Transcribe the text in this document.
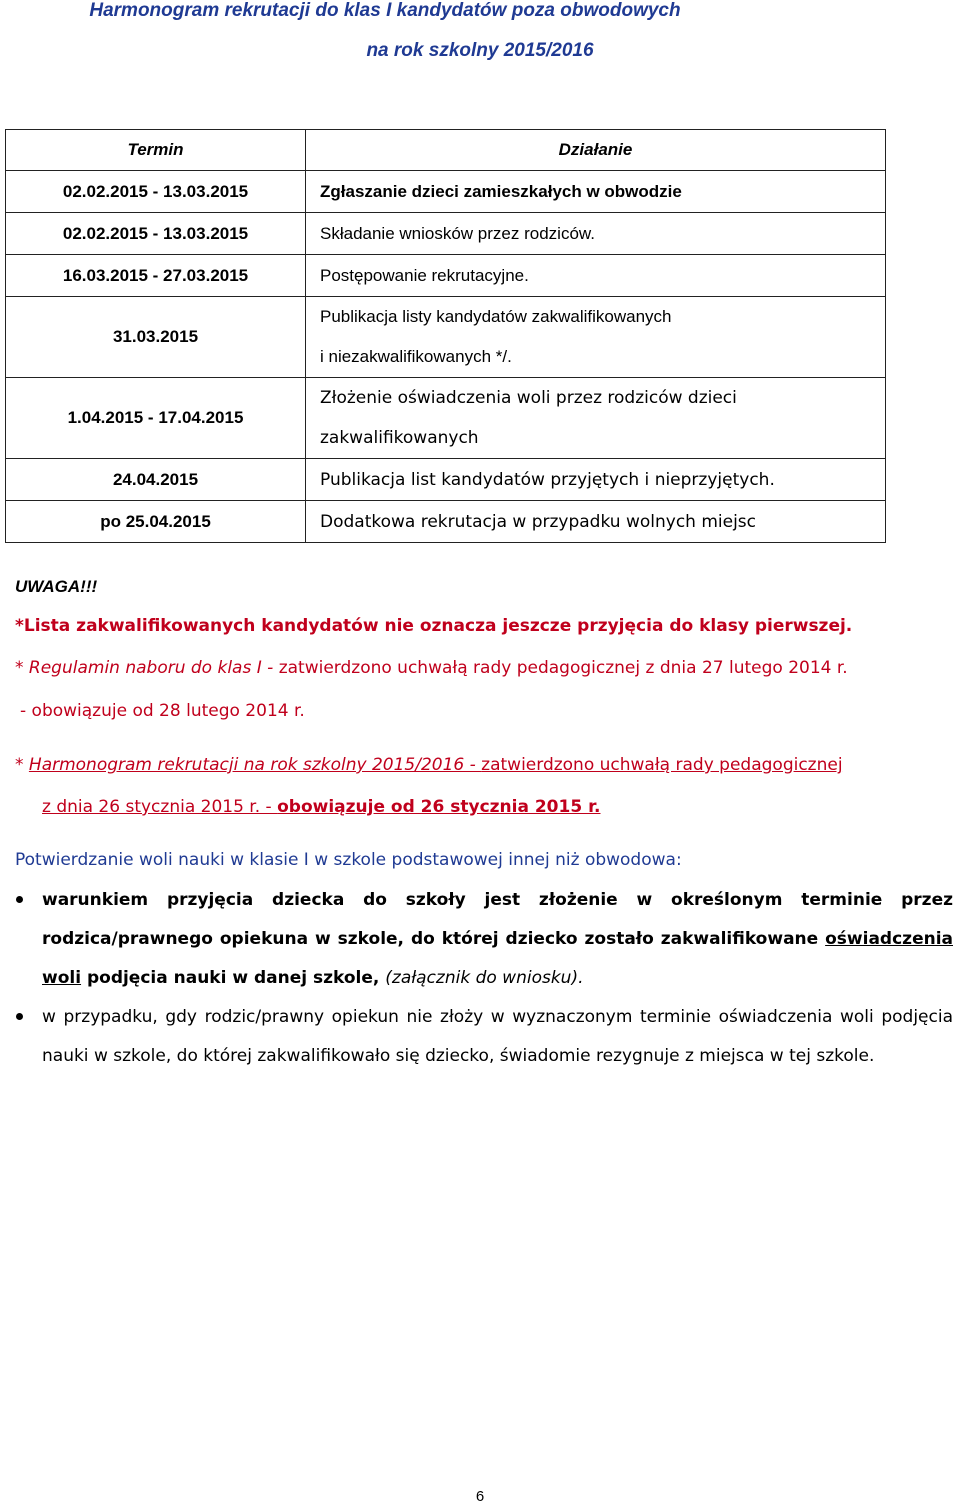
Harmonogram rekrutacji do klas I kandydatów poza obwodowych
na rok szkolny 2015/2016
Termin	Działanie
02.02.2015 - 13.03.2015	Zgłaszanie dzieci zamieszkałych w obwodzie
02.02.2015 - 13.03.2015	Składanie wniosków przez rodziców.
16.03.2015 - 27.03.2015	Postępowanie rekrutacyjne.
31.03.2015	Publikacja listy kandydatów zakwalifikowanych
i niezakwalifikowanych */.

1.04.2015 - 17.04.2015	Złożenie oświadczenia woli przez rodziców dzieci
zakwalifikowanych

24.04.2015	Publikacja list kandydatów przyjętych i nieprzyjętych.
po 25.04.2015	Dodatkowa rekrutacja w przypadku wolnych miejsc
UWAGA!!!
*Lista zakwalifikowanych kandydatów nie oznacza jeszcze przyjęcia do klasy pierwszej.
* Regulamin naboru do klas I - zatwierdzono uchwałą rady pedagogicznej z dnia 27 lutego 2014 r.
- obowiązuje od 28 lutego 2014 r.
* Harmonogram rekrutacji na rok szkolny 2015/2016 - zatwierdzono uchwałą rady pedagogicznej
z dnia 26 stycznia 2015 r. - obowiązuje od 26 stycznia 2015 r.
Potwierdzanie woli nauki w klasie I w szkole podstawowej innej niż obwodowa:
warunkiem przyjęcia dziecka do szkoły jest złożenie w określonym terminie przez rodzica/prawnego opiekuna w szkole, do której dziecko zostało zakwalifikowane oświadczenia woli podjęcia nauki w danej szkole, (załącznik do wniosku).
w przypadku, gdy rodzic/prawny opiekun nie złoży w wyznaczonym terminie oświadczenia woli podjęcia nauki w szkole, do której zakwalifikowało się dziecko, świadomie rezygnuje z miejsca w tej szkole.
6
